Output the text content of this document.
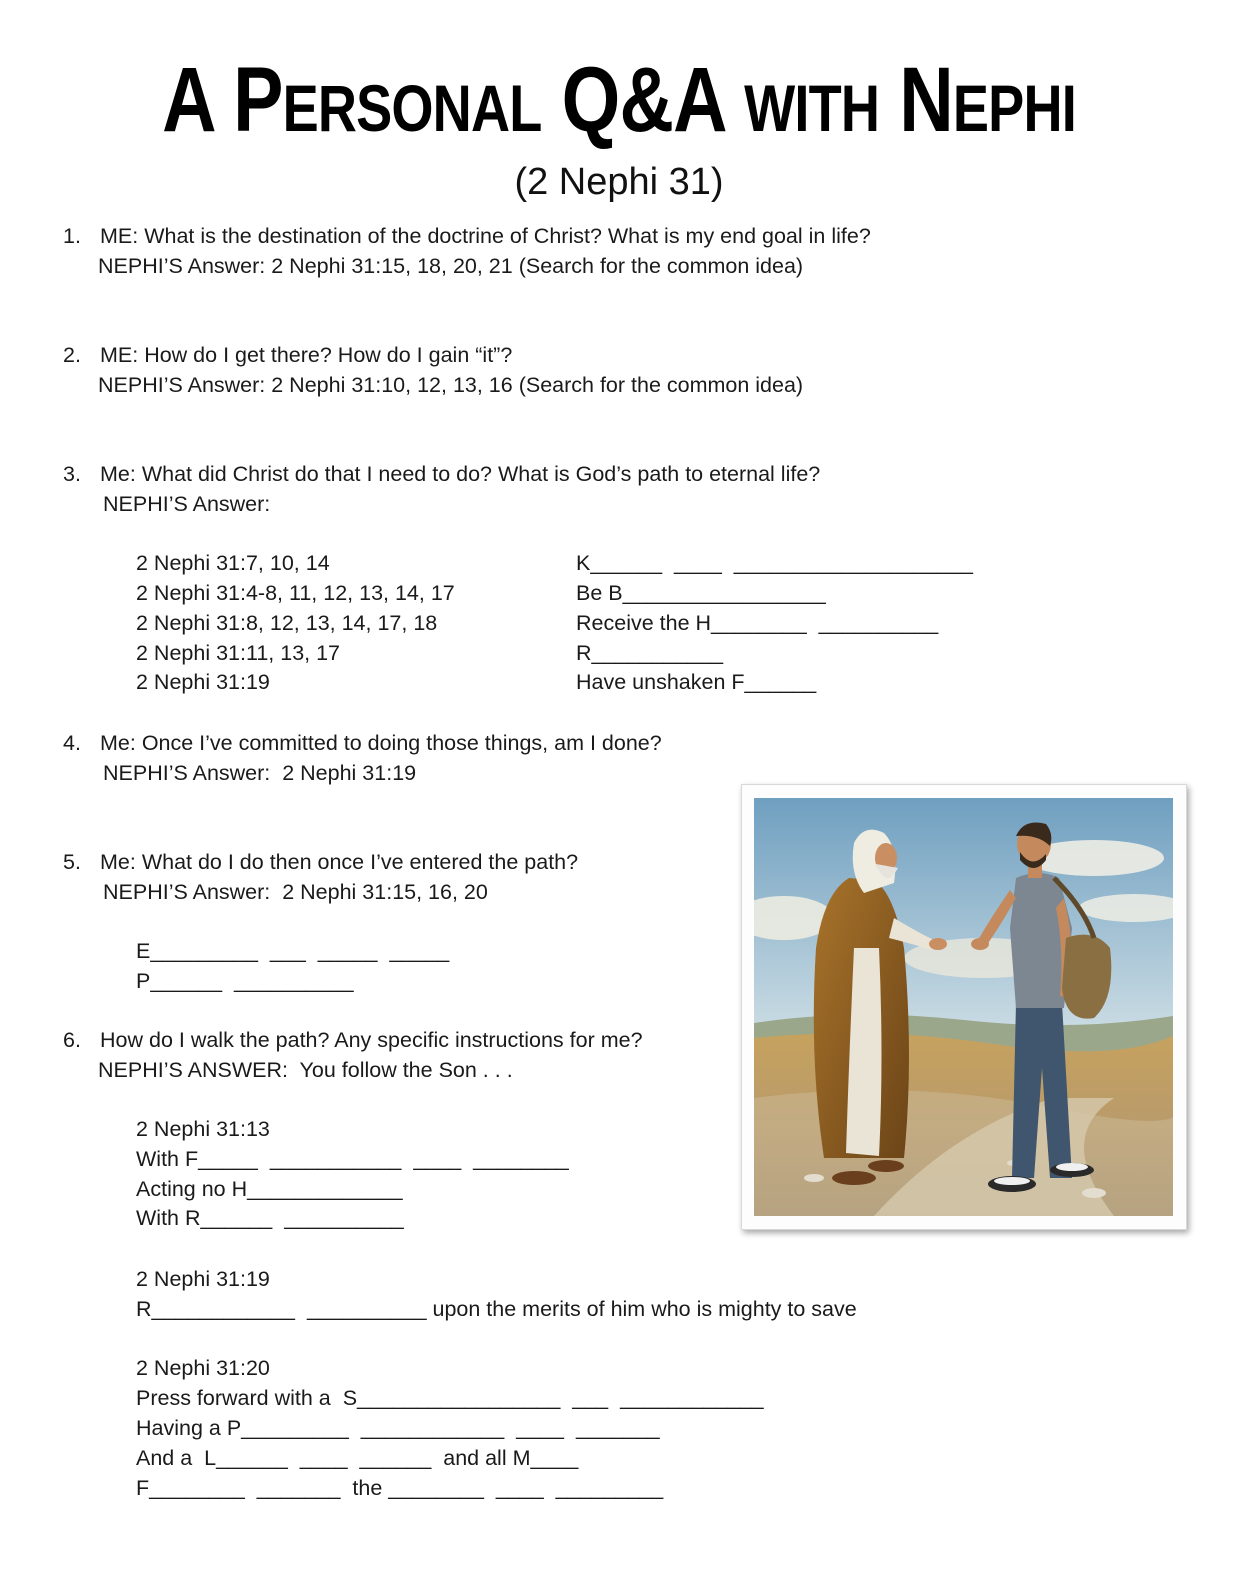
A PERSONAL Q&A WITH NEPHI
(2 Nephi 31)
1. ME: What is the destination of the doctrine of Christ? What is my end goal in life?
NEPHI’S Answer: 2 Nephi 31:15, 18, 20, 21 (Search for the common idea)
2. ME: How do I get there? How do I gain “it”?
NEPHI’S Answer: 2 Nephi 31:10, 12, 13, 16 (Search for the common idea)
3. Me: What did Christ do that I need to do? What is God’s path to eternal life?
NEPHI’S Answer:
2 Nephi 31:7, 10, 14
2 Nephi 31:4-8, 11, 12, 13, 14, 17
2 Nephi 31:8, 12, 13, 14, 17, 18
2 Nephi 31:11, 13, 17
2 Nephi 31:19
K______  ____  ____________________
Be B_________________
Receive the H________  __________
R___________
Have unshaken F______
4. Me: Once I’ve committed to doing those things, am I done?
NEPHI’S Answer:  2 Nephi 31:19
5. Me: What do I do then once I’ve entered the path?
NEPHI’S Answer:  2 Nephi 31:15, 16, 20
E_________  ___  _____  _____
P______  __________
6. How do I walk the path? Any specific instructions for me?
NEPHI’S ANSWER:  You follow the Son . . .
2 Nephi 31:13
With F_____  ___________  ____  ________
Acting no H_____________
With R______  __________
2 Nephi 31:19
R____________  __________ upon the merits of him who is mighty to save
2 Nephi 31:20
Press forward with a  S_________________  ___  ____________
Having a P_________  ____________  ____  _______
And a  L______  ____  ______  and all M____
F________  _______  the ________  ____  _________
